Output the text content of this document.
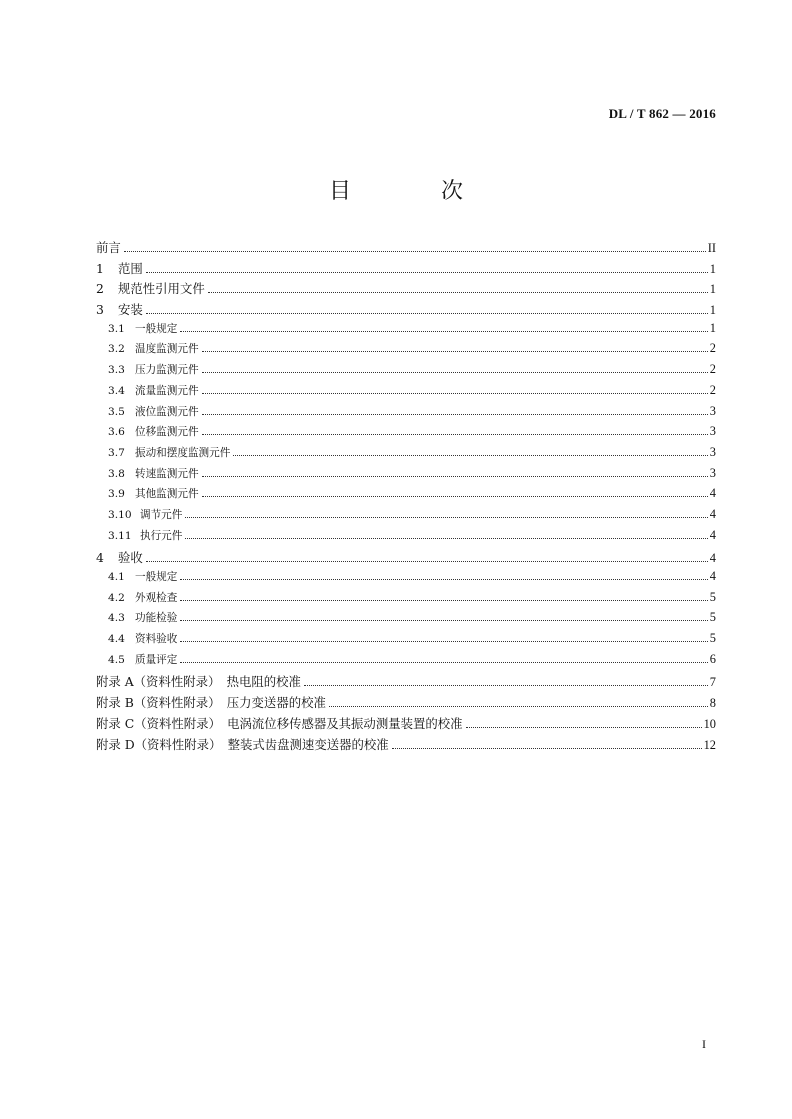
DL / T 862 — 2016
目　次
前言	II
1	范围	1
2	规范性引用文件	1
3	安装	1
3.1 一般规定	1
3.2 温度监测元件	2
3.3 压力监测元件	2
3.4 流量监测元件	2
3.5 液位监测元件	3
3.6 位移监测元件	3
3.7 振动和摆度监测元件	3
3.8 转速监测元件	3
3.9 其他监测元件	4
3.10 调节元件	4
3.11 执行元件	4
4	验收	4
4.1 一般规定	4
4.2 外观检查	5
4.3 功能检验	5
4.4 资料验收	5
4.5 质量评定	6
附录 A（资料性附录）　热电阻的校准	7
附录 B（资料性附录）　压力变送器的校准	8
附录 C（资料性附录）　电涡流位移传感器及其振动测量装置的校准	10
附录 D（资料性附录）　整装式齿盘测速变送器的校准	12
I
